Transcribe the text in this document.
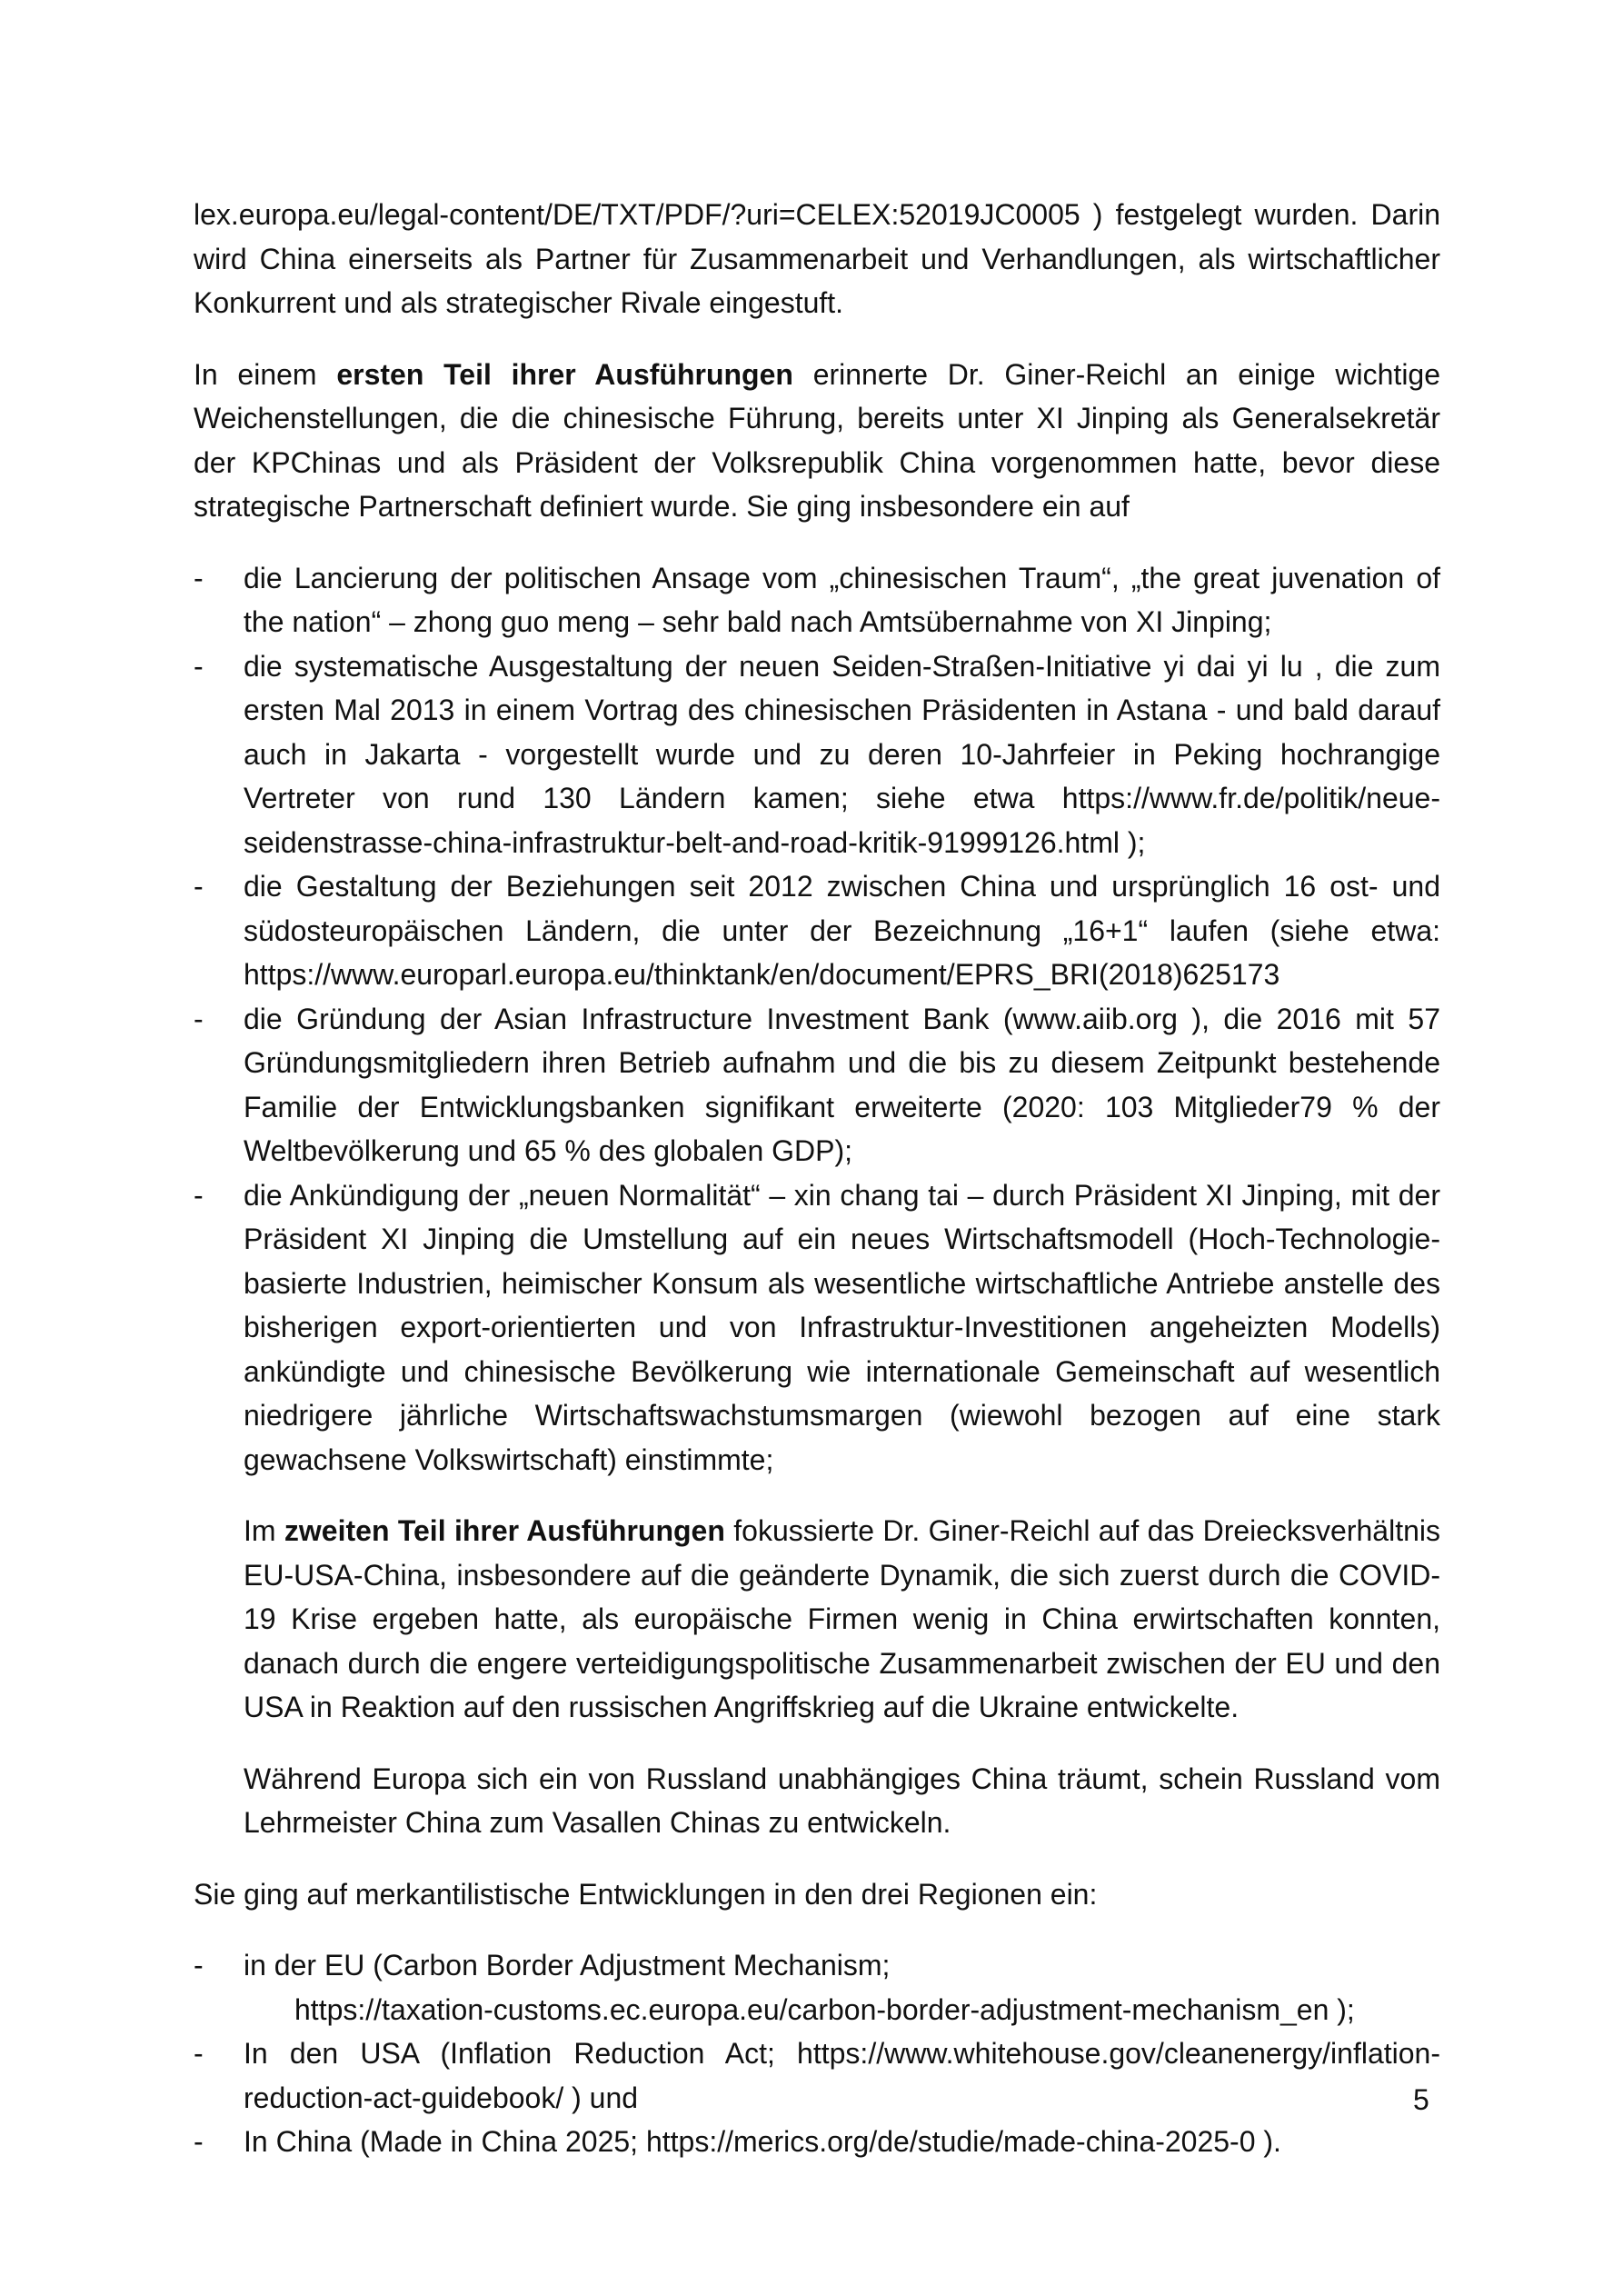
lex.europa.eu/legal-content/DE/TXT/PDF/?uri=CELEX:52019JC0005 ) festgelegt wurden. Darin wird China einerseits als Partner für Zusammenarbeit und Verhandlungen, als wirtschaftlicher Konkurrent und als strategischer Rivale eingestuft.

In einem ersten Teil ihrer Ausführungen erinnerte Dr. Giner-Reichl an einige wichtige Weichenstellungen, die die chinesische Führung, bereits unter XI Jinping als Generalsekretär der KPChinas und als Präsident der Volksrepublik China vorgenommen hatte, bevor diese strategische Partnerschaft definiert wurde. Sie ging insbesondere ein auf

- die Lancierung der politischen Ansage vom „chinesischen Traum“, „the great juvenation of the nation“ – zhong guo meng – sehr bald nach Amtsübernahme von XI Jinping;
- die systematische Ausgestaltung der neuen Seiden-Straßen-Initiative yi dai yi lu , die zum ersten Mal 2013 in einem Vortrag des chinesischen Präsidenten in Astana - und bald darauf auch in Jakarta - vorgestellt wurde und zu deren 10-Jahrfeier in Peking hochrangige Vertreter von rund 130 Ländern kamen; siehe etwa https://www.fr.de/politik/neue-seidenstrasse-china-infrastruktur-belt-and-road-kritik-91999126.html );
- die Gestaltung der Beziehungen seit 2012 zwischen China und ursprünglich 16 ost- und südosteuropäischen Ländern, die unter der Bezeichnung „16+1“ laufen (siehe etwa: https://www.europarl.europa.eu/thinktank/en/document/EPRS_BRI(2018)625173
- die Gründung der Asian Infrastructure Investment Bank (www.aiib.org ), die 2016 mit 57 Gründungsmitgliedern ihren Betrieb aufnahm und die bis zu diesem Zeitpunkt bestehende Familie der Entwicklungsbanken signifikant erweiterte (2020: 103 Mitglieder79 % der Weltbevölkerung und 65 % des globalen GDP);
- die Ankündigung der „neuen Normalität“ – xin chang tai – durch Präsident XI Jinping, mit der Präsident XI Jinping die Umstellung auf ein neues Wirtschaftsmodell (Hoch-Technologie-basierte Industrien, heimischer Konsum als wesentliche wirtschaftliche Antriebe anstelle des bisherigen export-orientierten und von Infrastruktur-Investitionen angeheizten Modells) ankündigte und chinesische Bevölkerung wie internationale Gemeinschaft auf wesentlich niedrigere jährliche Wirtschaftswachstumsmargen (wiewohl bezogen auf eine stark gewachsene Volkswirtschaft) einstimmte;

Im zweiten Teil ihrer Ausführungen fokussierte Dr. Giner-Reichl auf das Dreiecksverhältnis EU-USA-China, insbesondere auf die geänderte Dynamik, die sich zuerst durch die COVID-19 Krise ergeben hatte, als europäische Firmen wenig in China erwirtschaften konnten, danach durch die engere verteidigungspolitische Zusammenarbeit zwischen der EU und den USA in Reaktion auf den russischen Angriffskrieg auf die Ukraine entwickelte.

Während Europa sich ein von Russland unabhängiges China träumt, schein Russland vom Lehrmeister China zum Vasallen Chinas zu entwickeln.

Sie ging auf merkantilistische Entwicklungen in den drei Regionen ein:

- in der EU (Carbon Border Adjustment Mechanism;
https://taxation-customs.ec.europa.eu/carbon-border-adjustment-mechanism_en );
- In den USA (Inflation Reduction Act; https://www.whitehouse.gov/cleanenergy/inflation-reduction-act-guidebook/ ) und
- In China (Made in China 2025; https://merics.org/de/studie/made-china-2025-0 ).
5
